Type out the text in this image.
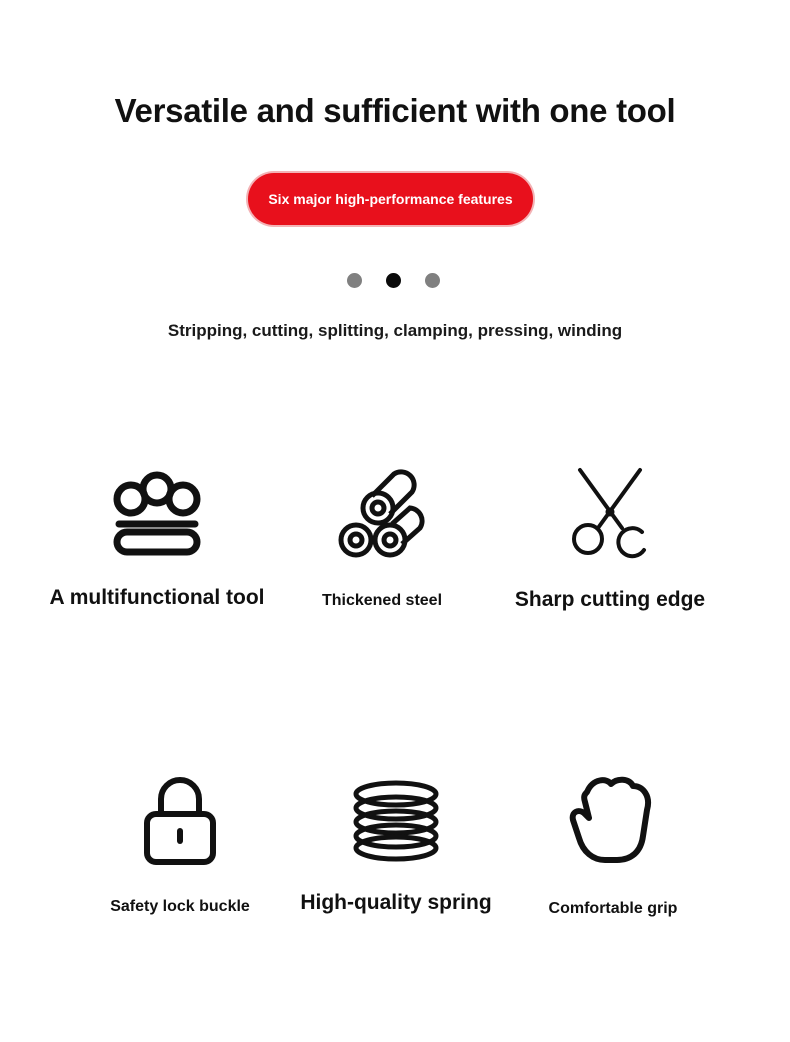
Versatile and sufficient with one tool
Six major high-performance features
Stripping, cutting, splitting, clamping, pressing, winding
A multifunctional tool	Thickened steel	Sharp cutting edge
Safety lock buckle	High-quality spring	Comfortable grip
